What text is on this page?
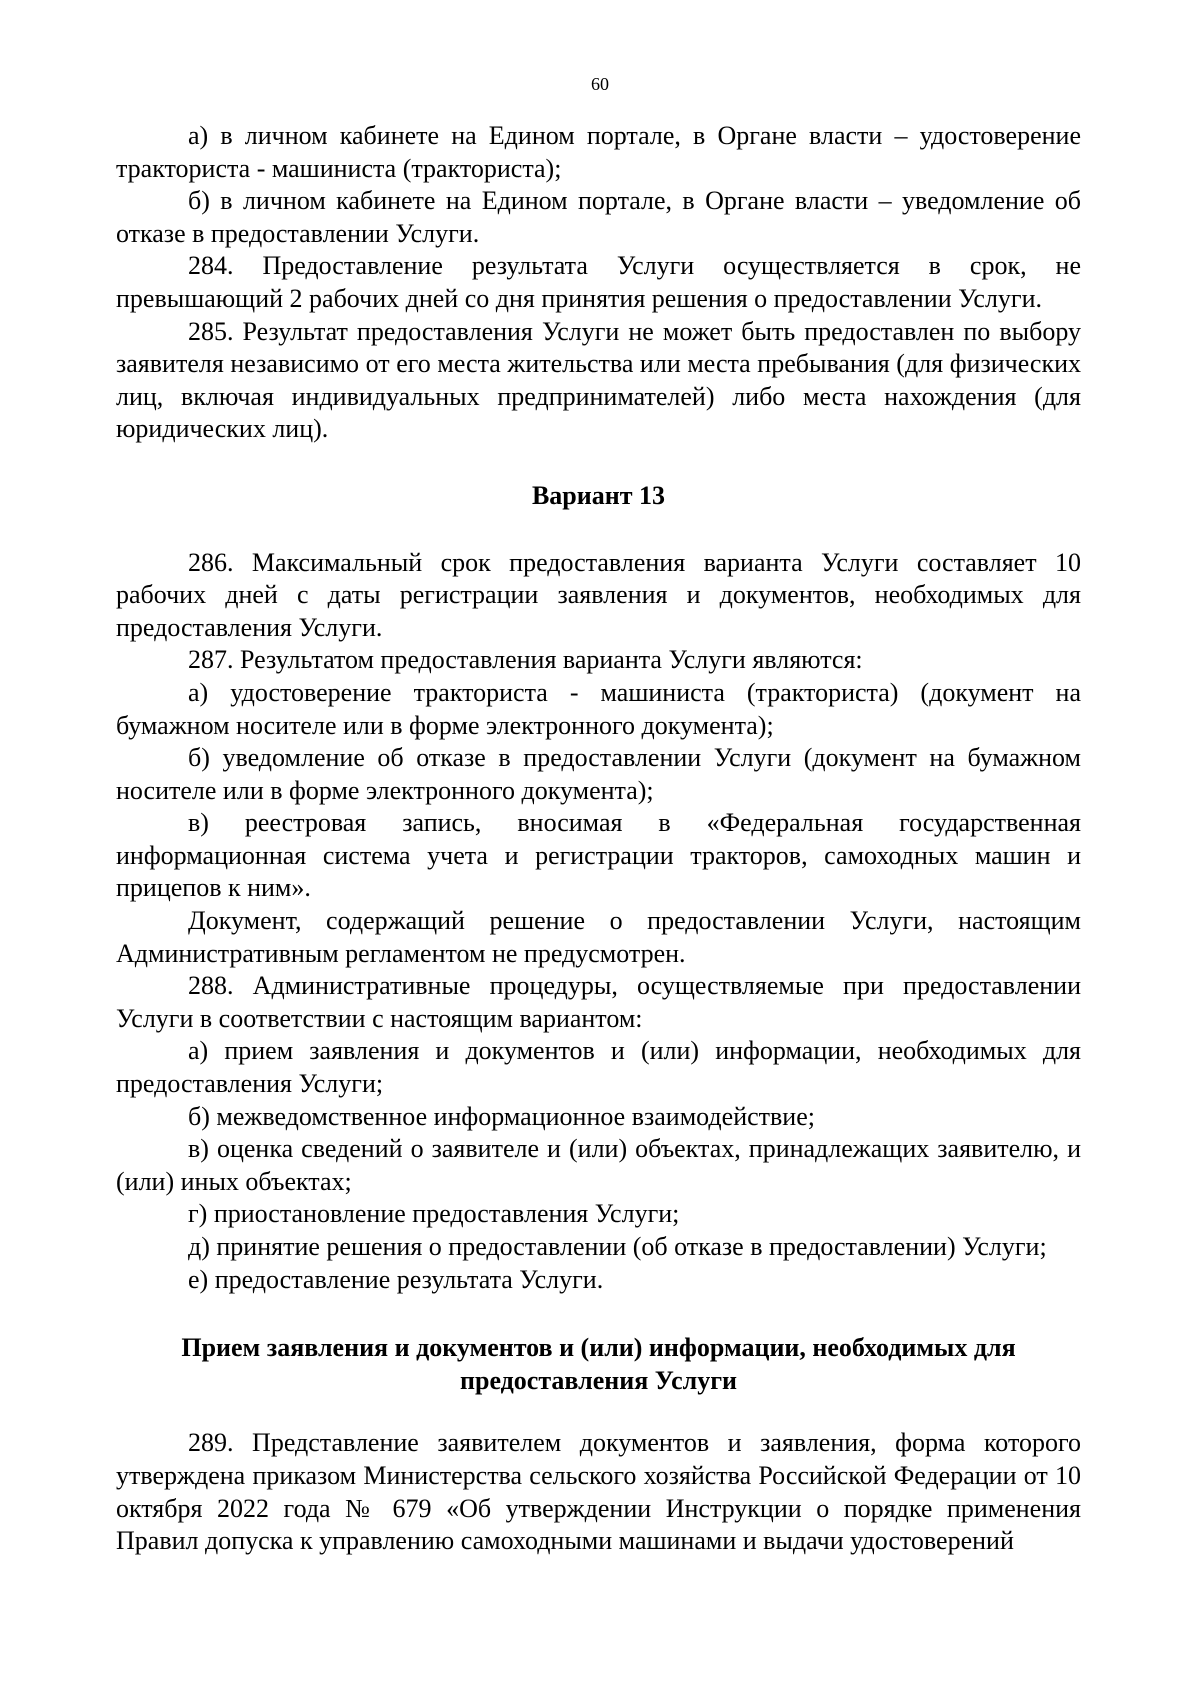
60

а) в личном кабинете на Едином портале, в Органе власти – удостоверение тракториста - машиниста (тракториста);

б) в личном кабинете на Едином портале, в Органе власти – уведомление об отказе в предоставлении Услуги.

284. Предоставление результата Услуги осуществляется в срок, не превышающий 2 рабочих дней со дня принятия решения о предоставлении Услуги.

285. Результат предоставления Услуги не может быть предоставлен по выбору заявителя независимо от его места жительства или места пребывания (для физических лиц, включая индивидуальных предпринимателей) либо места нахождения (для юридических лиц).

Вариант 13

286. Максимальный срок предоставления варианта Услуги составляет 10 рабочих дней с даты регистрации заявления и документов, необходимых для предоставления Услуги.

287. Результатом предоставления варианта Услуги являются:

а) удостоверение тракториста - машиниста (тракториста) (документ на бумажном носителе или в форме электронного документа);

б) уведомление об отказе в предоставлении Услуги (документ на бумажном носителе или в форме электронного документа);

в) реестровая запись, вносимая в «Федеральная государственная информационная система учета и регистрации тракторов, самоходных машин и прицепов к ним».

Документ, содержащий решение о предоставлении Услуги, настоящим Административным регламентом не предусмотрен.

288. Административные процедуры, осуществляемые при предоставлении Услуги в соответствии с настоящим вариантом:

а) прием заявления и документов и (или) информации, необходимых для предоставления Услуги;

б) межведомственное информационное взаимодействие;

в) оценка сведений о заявителе и (или) объектах, принадлежащих заявителю, и (или) иных объектах;

г) приостановление предоставления Услуги;

д) принятие решения о предоставлении (об отказе в предоставлении) Услуги;

е) предоставление результата Услуги.

Прием заявления и документов и (или) информации, необходимых для
предоставления Услуги

289. Представление заявителем документов и заявления, форма которого утверждена приказом Министерства сельского хозяйства Российской Федерации от 10 октября 2022 года № 679 «Об утверждении Инструкции о порядке применения Правил допуска к управлению самоходными машинами и выдачи удостоверений
